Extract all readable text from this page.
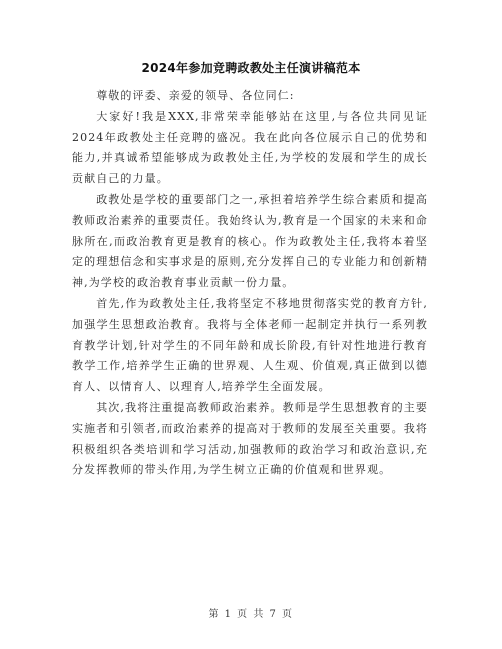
2024年参加竞聘政教处主任演讲稿范本

尊敬的评委、亲爱的领导、各位同仁:

大家好!我是XXX,非常荣幸能够站在这里,与各位共同见证2024年政教处主任竞聘的盛况。我在此向各位展示自己的优势和能力,并真诚希望能够成为政教处主任,为学校的发展和学生的成长贡献自己的力量。

政教处是学校的重要部门之一,承担着培养学生综合素质和提高教师政治素养的重要责任。我始终认为,教育是一个国家的未来和命脉所在,而政治教育更是教育的核心。作为政教处主任,我将本着坚定的理想信念和实事求是的原则,充分发挥自己的专业能力和创新精神,为学校的政治教育事业贡献一份力量。

首先,作为政教处主任,我将坚定不移地贯彻落实党的教育方针,加强学生思想政治教育。我将与全体老师一起制定并执行一系列教育教学计划,针对学生的不同年龄和成长阶段,有针对性地进行教育教学工作,培养学生正确的世界观、人生观、价值观,真正做到以德育人、以情育人、以理育人,培养学生全面发展。

其次,我将注重提高教师政治素养。教师是学生思想教育的主要实施者和引领者,而政治素养的提高对于教师的发展至关重要。我将积极组织各类培训和学习活动,加强教师的政治学习和政治意识,充分发挥教师的带头作用,为学生树立正确的价值观和世界观。

第 1 页 共 7 页
